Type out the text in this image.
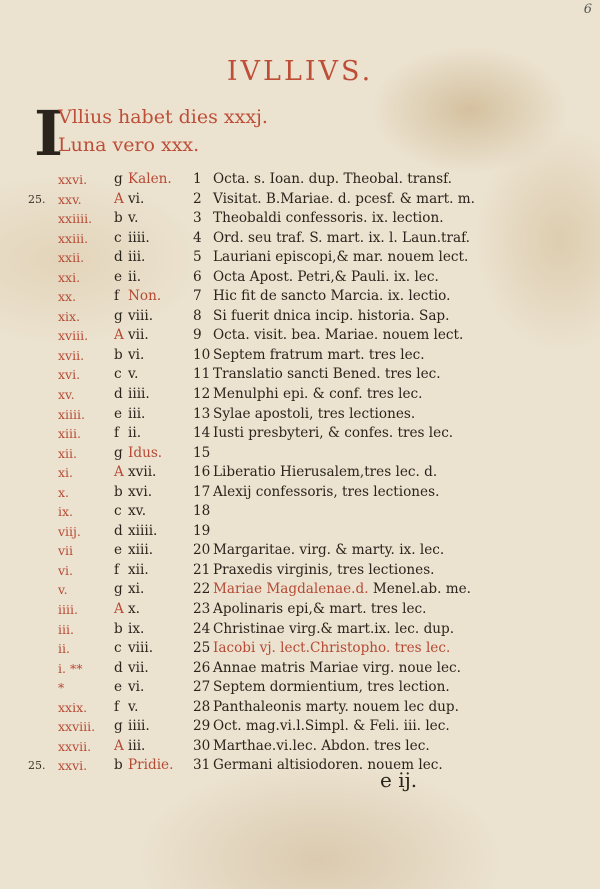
6
IVLLIVS.
I
Vllius habet dies xxxj.
Luna vero xxx.
xxvi. g Kalen. 1 Octa. s. Ioan. dup. Theobal. transf.
25. xxv. A vi.	2 Visitat. B.Mariae. d. pcesf. & mart. m.
xxiiii. b v.	3 Theobaldi confessoris. ix. lection.
xxiii. c iiii.	4 Ord. seu traf. S. mart. ix. l. Laun.traf.
xxii. d iii.	5 Lauriani episcopi,& mar. nouem lect.
xxi. e ii.	6 Octa Apost. Petri,& Pauli. ix. lec.
xx.	f Non. 7 Hic fit de sancto Marcia. ix. lectio.
xix. g viii.	8 Si fuerit dnica incip. historia. Sap.
xviii. A vii.	9 Octa. visit. bea. Mariae. nouem lect.
xvii. b vi.	10 Septem fratrum mart. tres lec.
xvi. c v.	11 Translatio sancti Bened. tres lec.
xv.	d iiii.	12 Menulphi epi. & conf. tres lec.
xiiii. e iii.	13 Sylae apostoli, tres lectiones.
xiii. f ii.	14 Iusti presbyteri, & confes. tres lec.
xii.	g Idus. 15
xi.	A xvii.	16 Liberatio Hierusalem,tres lec. d.
x.	b xvi.	17 Alexij confessoris, tres lectiones.
ix.	c xv.	18
viij. d xiiii.	19
vii	e xiii.	20 Margaritae. virg. & marty. ix. lec.
vi.	f xii.	21 Praxedis virginis, tres lectiones.
v.	g xi.	22 Mariae Magdalenae.d. Menel.ab. me.
iiii.	A x.	23 Apolinaris epi,& mart. tres lec.
iii.	b ix.	24 Christinae virg.& mart.ix. lec. dup.
ii.	c viii.	25 Iacobi vj. lect.Christopho. tres lec.
i. ** d vii.	26 Annae matris Mariae virg. noue lec.
*	e vi.	27 Septem dormientium, tres lection.
xxix. f v.	28 Panthaleonis marty. nouem lec dup.
xxviii. g iiii.	29 Oct. mag.vi.l.Simpl. & Feli. iii. lec.
xxvii. A iii.	30 Marthae.vi.lec. Abdon. tres lec.
25. xxvi. b Pridie. 31 Germani altisiodoren. nouem lec.
e ij.
